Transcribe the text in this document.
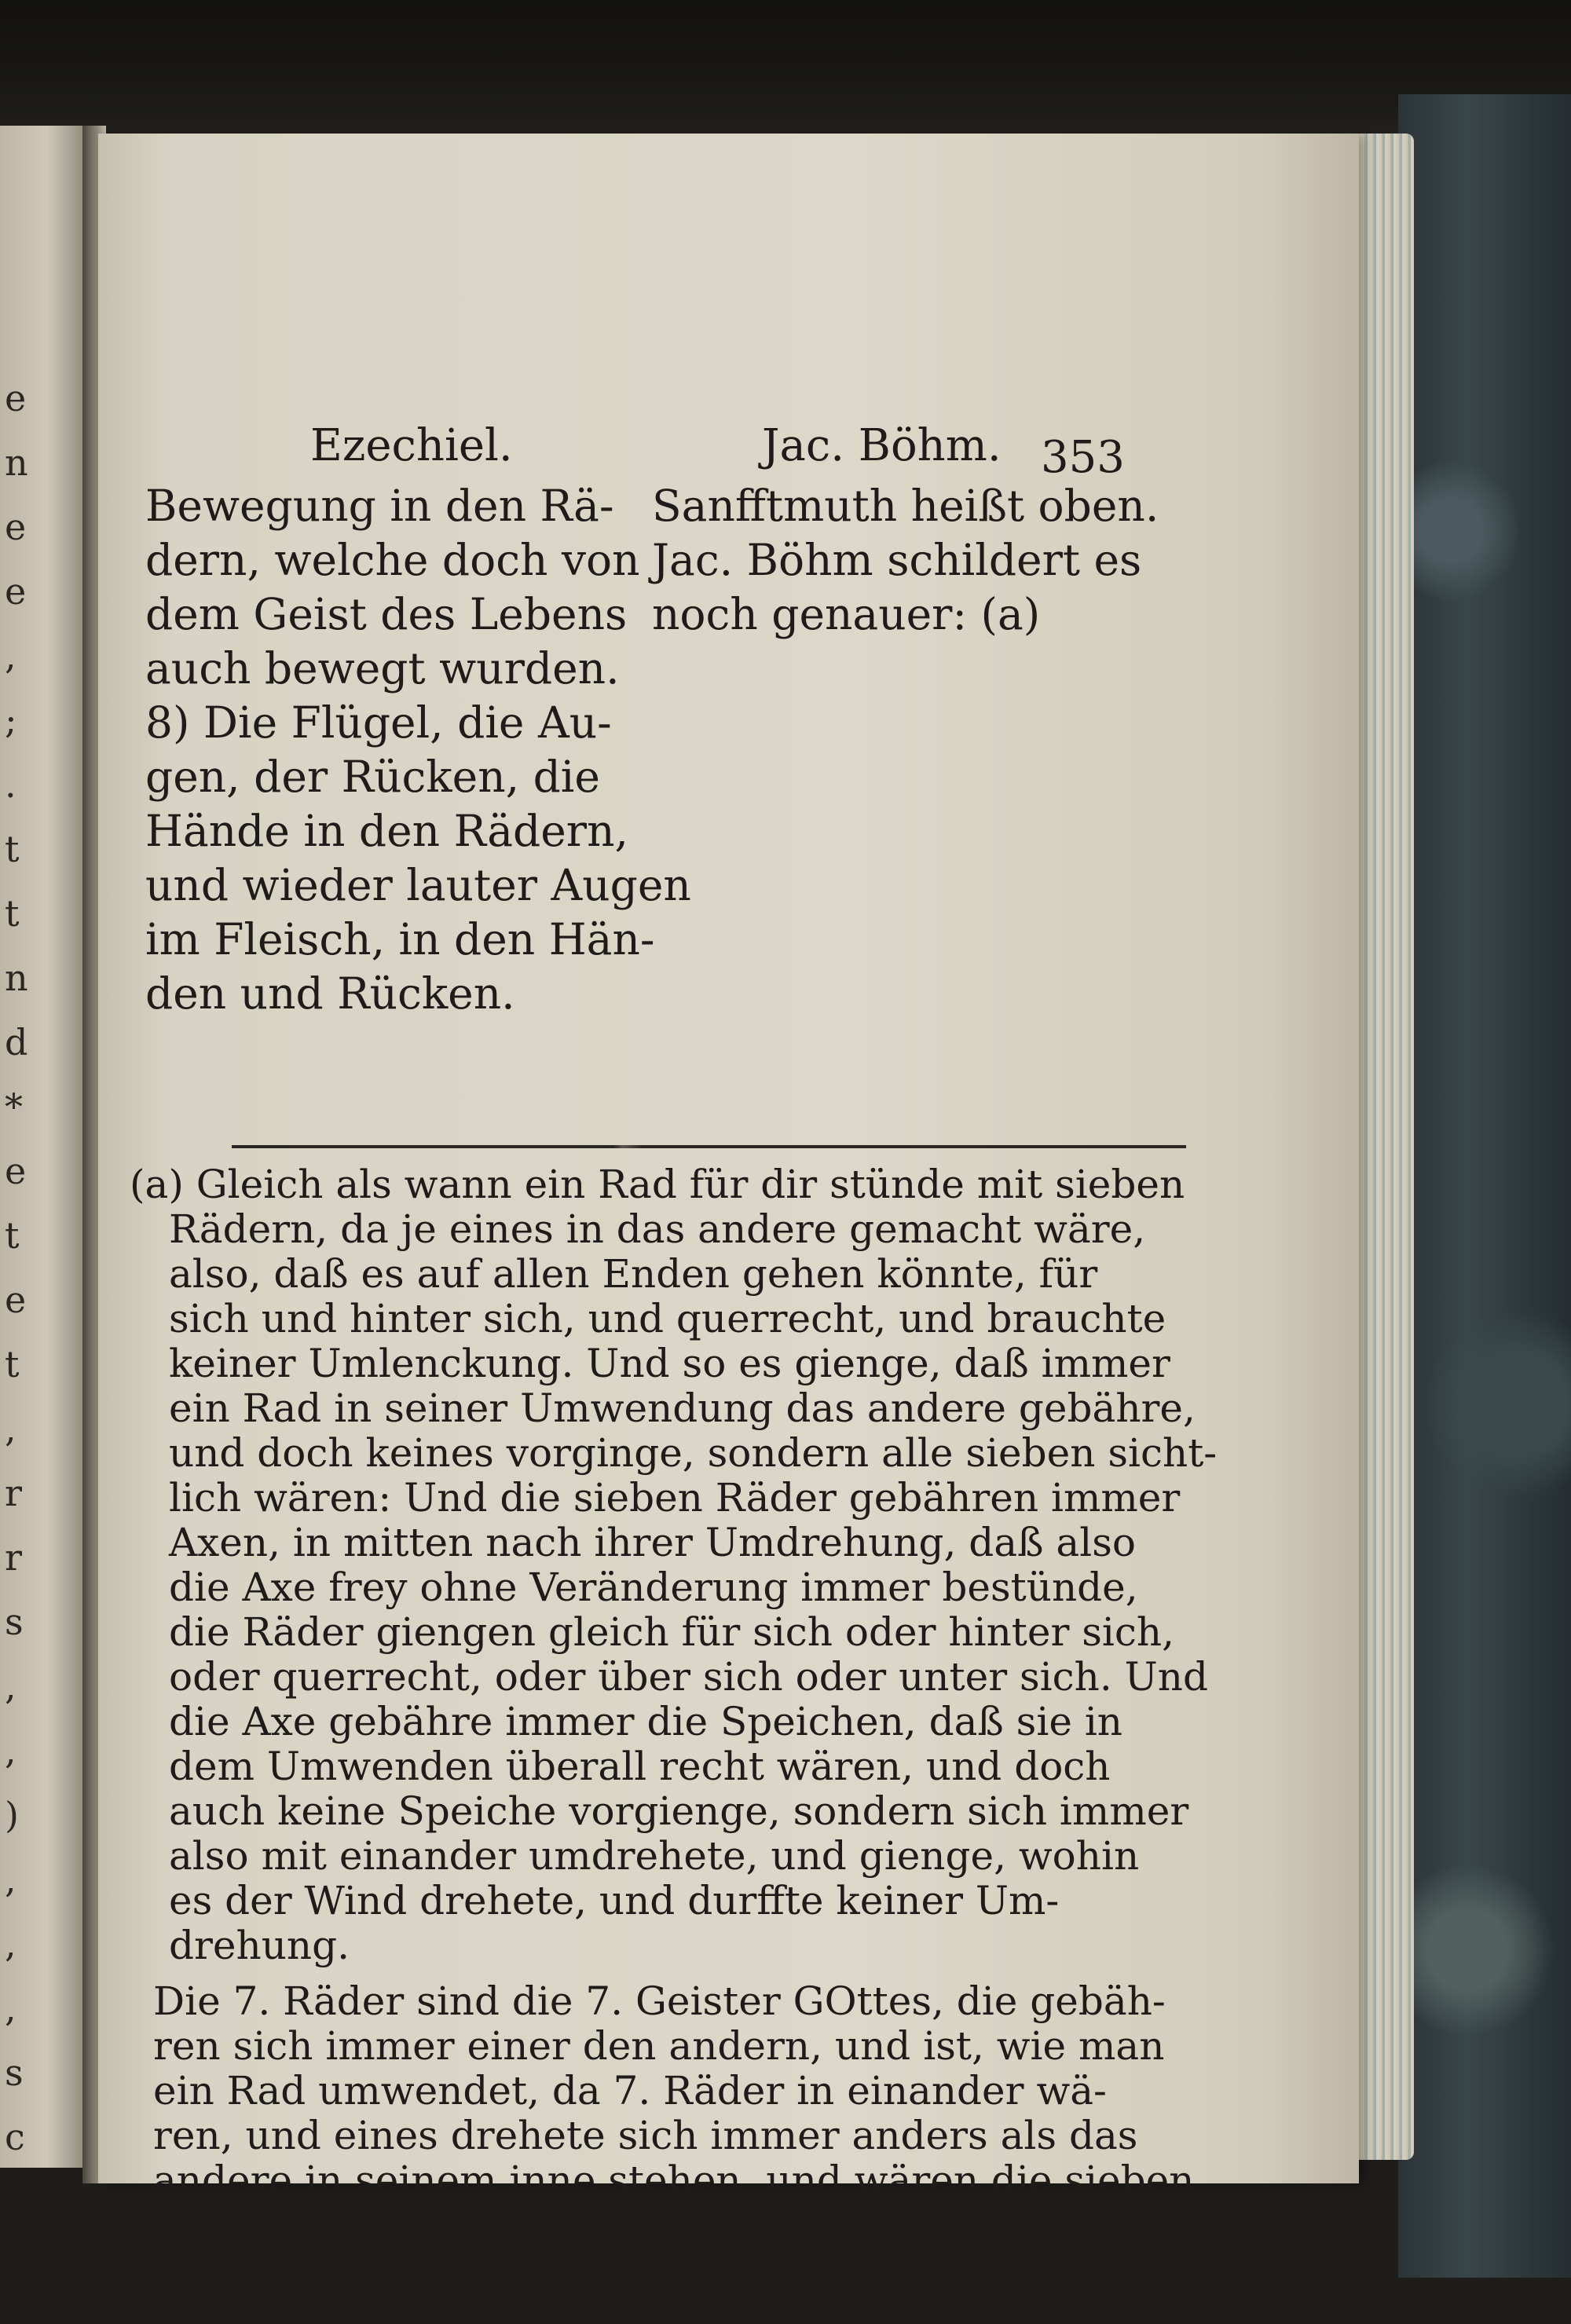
e
n
e
e
,
;
.
t
t
n
d
*
e
t
e
t
,
r
r
s
,
,
)
,
,
,
s
c
Ezechiel.	Jac. Böhm. 353
Bewegung in den Rä-
dern, welche doch von
dem Geist des Lebens
auch bewegt wurden.
8) Die Flügel, die Au-
gen, der Rücken, die
Hände in den Rädern,
und wieder lauter Augen
im Fleisch, in den Hän-
den und Rücken.
Sanfftmuth heißt oben.
Jac. Böhm schildert es
noch genauer: (a)
(a) Gleich als wann ein Rad für dir stünde mit sieben
Rädern, da je eines in das andere gemacht wäre,
also, daß es auf allen Enden gehen könnte, für
sich und hinter sich, und querrecht, und brauchte
keiner Umlenckung. Und so es gienge, daß immer
ein Rad in seiner Umwendung das andere gebähre,
und doch keines vorginge, sondern alle sieben sicht-
lich wären: Und die sieben Räder gebähren immer
Axen, in mitten nach ihrer Umdrehung, daß also
die Axe frey ohne Veränderung immer bestünde,
die Räder giengen gleich für sich oder hinter sich,
oder querrecht, oder über sich oder unter sich. Und
die Axe gebähre immer die Speichen, daß sie in
dem Umwenden überall recht wären, und doch
auch keine Speiche vorgienge, sondern sich immer
also mit einander umdrehete, und gienge, wohin
es der Wind drehete, und durffte keiner Um-
drehung.
Die 7. Räder sind die 7. Geister GOttes, die gebäh-
ren sich immer einer den andern, und ist, wie man
ein Rad umwendet, da 7. Räder in einander wä-
ren, und eines drehete sich immer anders als das
andere in seinem inne stehen, und wären die sieben
Räder in einander gefälget wie eine runde Kugel,
Z	da
